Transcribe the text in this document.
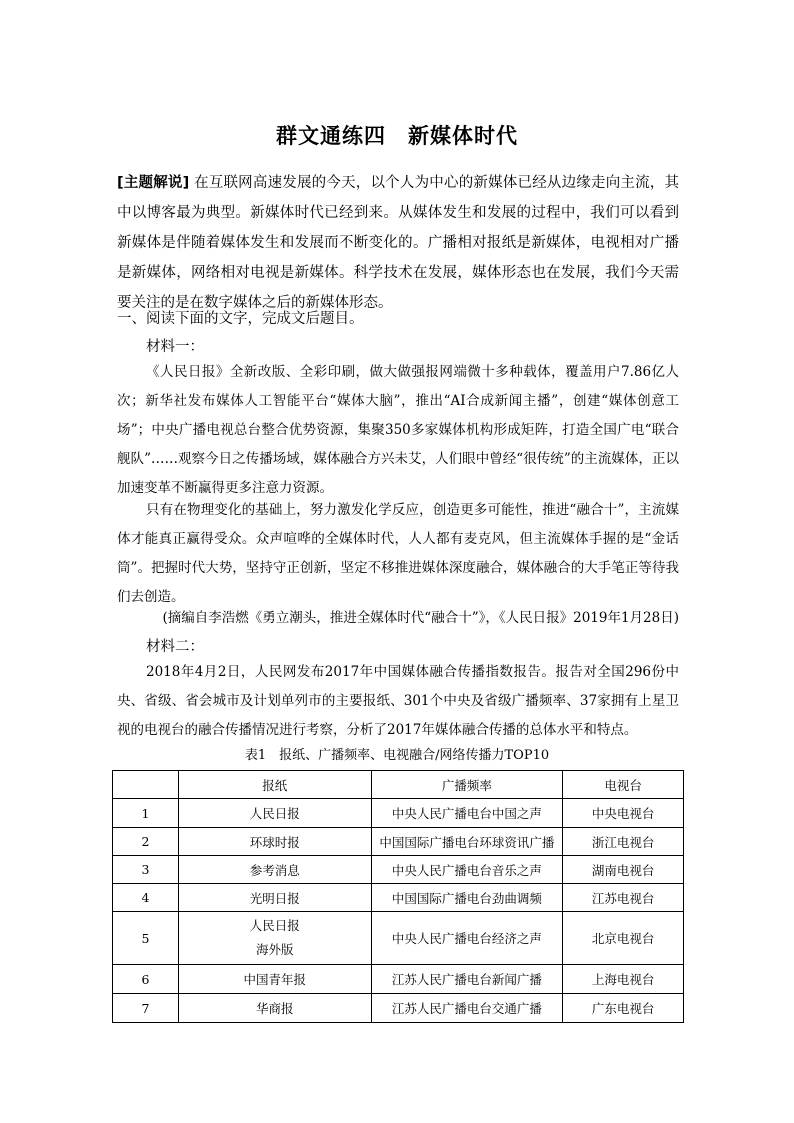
群文通练四 新媒体时代
[主题解说] 在互联网高速发展的今天，以个人为中心的新媒体已经从边缘走向主流，其中以博客最为典型。新媒体时代已经到来。从媒体发生和发展的过程中，我们可以看到新媒体是伴随着媒体发生和发展而不断变化的。广播相对报纸是新媒体，电视相对广播是新媒体，网络相对电视是新媒体。科学技术在发展，媒体形态也在发展，我们今天需要关注的是在数字媒体之后的新媒体形态。
一、阅读下面的文字，完成文后题目。
材料一：
《人民日报》全新改版、全彩印刷，做大做强报网端微十多种载体，覆盖用户7.86亿人次；新华社发布媒体人工智能平台“媒体大脑”，推出“AI合成新闻主播”，创建“媒体创意工场”；中央广播电视总台整合优势资源，集聚350多家媒体机构形成矩阵，打造全国广电“联合舰队”……观察今日之传播场域，媒体融合方兴未艾，人们眼中曾经“很传统”的主流媒体，正以加速变革不断赢得更多注意力资源。
只有在物理变化的基础上，努力激发化学反应，创造更多可能性，推进“融合十”，主流媒体才能真正赢得受众。众声喧哗的全媒体时代，人人都有麦克风，但主流媒体手握的是“金话筒”。把握时代大势，坚持守正创新，坚定不移推进媒体深度融合，媒体融合的大手笔正等待我们去创造。
(摘编自李浩燃《勇立潮头，推进全媒体时代“融合十”》，《人民日报》2019年1月28日)
材料二：
2018年4月2日，人民网发布2017年中国媒体融合传播指数报告。报告对全国296份中央、省级、省会城市及计划单列市的主要报纸、301个中央及省级广播频率、37家拥有上星卫视的电视台的融合传播情况进行考察，分析了2017年媒体融合传播的总体水平和特点。
表1　报纸、广播频率、电视融合/网络传播力TOP10
	报纸	广播频率	电视台
1	人民日报	中央人民广播电台中国之声	中央电视台
2	环球时报	中国国际广播电台环球资讯广播	浙江电视台
3	参考消息	中央人民广播电台音乐之声	湖南电视台
4	光明日报	中国国际广播电台劲曲调频	江苏电视台
5	人民日报
海外版	中央人民广播电台经济之声	北京电视台
6	中国青年报	江苏人民广播电台新闻广播	上海电视台
7	华商报	江苏人民广播电台交通广播	广东电视台
